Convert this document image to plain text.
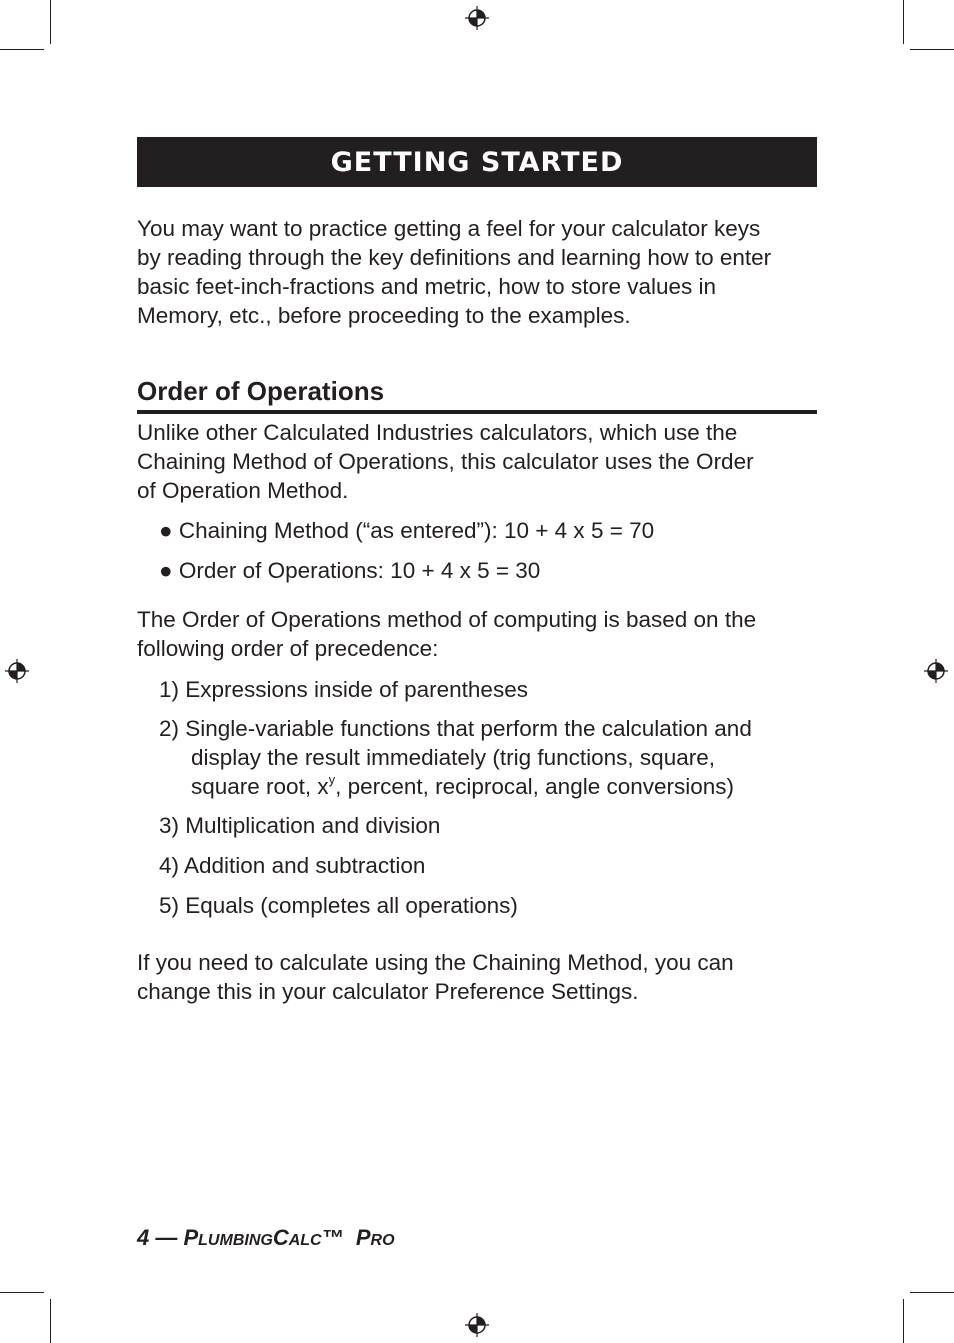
GETTING STARTED

You may want to practice getting a feel for your calculator keys
by reading through the key definitions and learning how to enter
basic feet-inch-fractions and metric, how to store values in
Memory, etc., before proceeding to the examples.

Order of Operations

Unlike other Calculated Industries calculators, which use the
Chaining Method of Operations, this calculator uses the Order
of Operation Method.

● Chaining Method (“as entered”): 10 + 4 x 5 = 70

● Order of Operations: 10 + 4 x 5 = 30

The Order of Operations method of computing is based on the
following order of precedence:

1) Expressions inside of parentheses

2) Single-variable functions that perform the calculation and
display the result immediately (trig functions, square,
square root, $x^y$, percent, reciprocal, angle conversions)

3) Multiplication and division

4) Addition and subtraction

5) Equals (completes all operations)

If you need to calculate using the Chaining Method, you can
change this in your calculator Preference Settings.

4 — PLUMBINGCALC™  PRO
